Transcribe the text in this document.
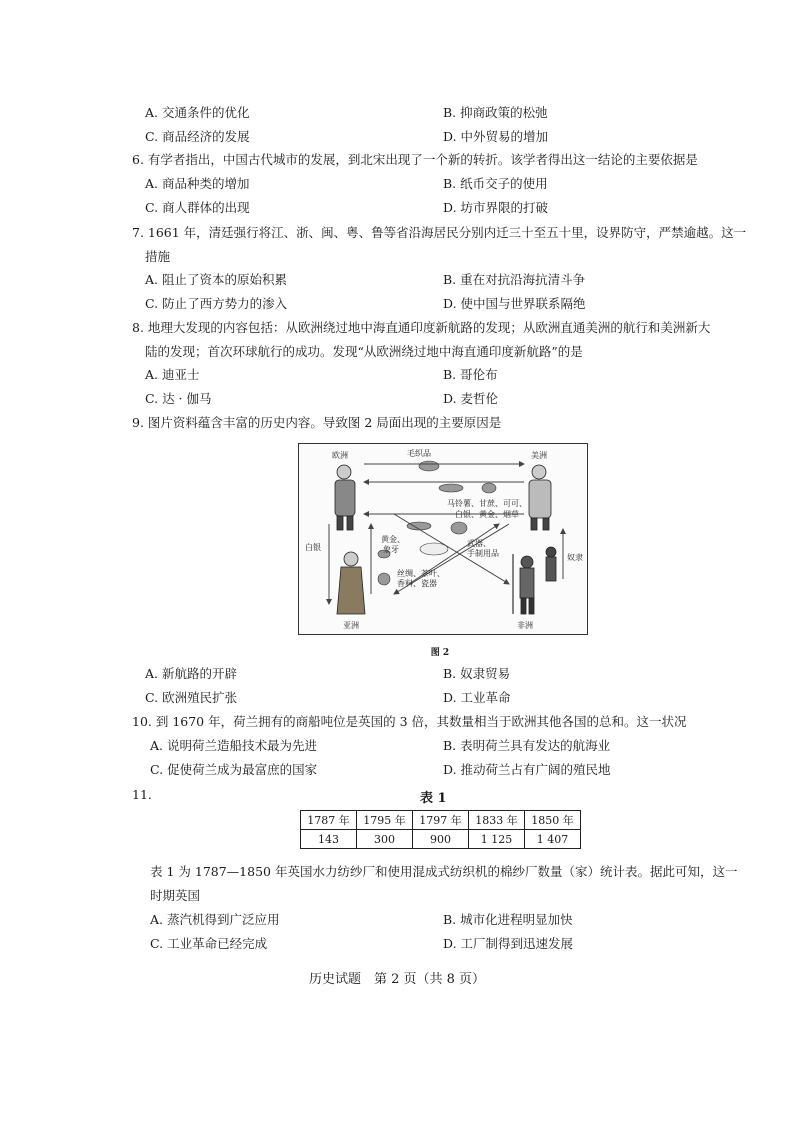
A. 交通条件的优化	B. 抑商政策的松弛
C. 商品经济的发展	D. 中外贸易的增加
6. 有学者指出，中国古代城市的发展，到北宋出现了一个新的转折。该学者得出这一结论的主要依据是
A. 商品种类的增加	B. 纸币交子的使用
C. 商人群体的出现	D. 坊市界限的打破
7. 1661 年，清廷强行将江、浙、闽、粤、鲁等省沿海居民分别内迁三十至五十里，设界防守，严禁逾越。这一
措施
A. 阻止了资本的原始积累	B. 重在对抗沿海抗清斗争
C. 防止了西方势力的渗入	D. 使中国与世界联系隔绝
8. 地理大发现的内容包括：从欧洲绕过地中海直通印度新航路的发现；从欧洲直通美洲的航行和美洲新大
陆的发现；首次环球航行的成功。发现“从欧洲绕过地中海直通印度新航路”的是
A. 迪亚士	B. 哥伦布
C. 达 · 伽马	D. 麦哲伦
9. 图片资料蕴含丰富的历史内容。导致图 2 局面出现的主要原因是
欧洲	美洲
毛织品
马铃薯、甘蔗、可可、
白银、黄金、烟草
白银
黄金、
象牙
武器、
手制用品
丝绸、茶叶、
香料、瓷器
奴隶
亚洲	非洲
图 2
A. 新航路的开辟	B. 奴隶贸易
C. 欧洲殖民扩张	D. 工业革命
10. 到 1670 年，荷兰拥有的商船吨位是英国的 3 倍，其数量相当于欧洲其他各国的总和。这一状况
A. 说明荷兰造船技术最为先进	B. 表明荷兰具有发达的航海业
C. 促使荷兰成为最富庶的国家	D. 推动荷兰占有广阔的殖民地
11.	表 1
1787 年	1795 年	1797 年	1833 年	1850 年
143	300	900	1 125	1 407
表 1 为 1787—1850 年英国水力纺纱厂和使用混成式纺织机的棉纱厂数量（家）统计表。据此可知，这一
时期英国
A. 蒸汽机得到广泛应用	B. 城市化进程明显加快
C. 工业革命已经完成	D. 工厂制得到迅速发展
历史试题　第 2 页（共 8 页）
